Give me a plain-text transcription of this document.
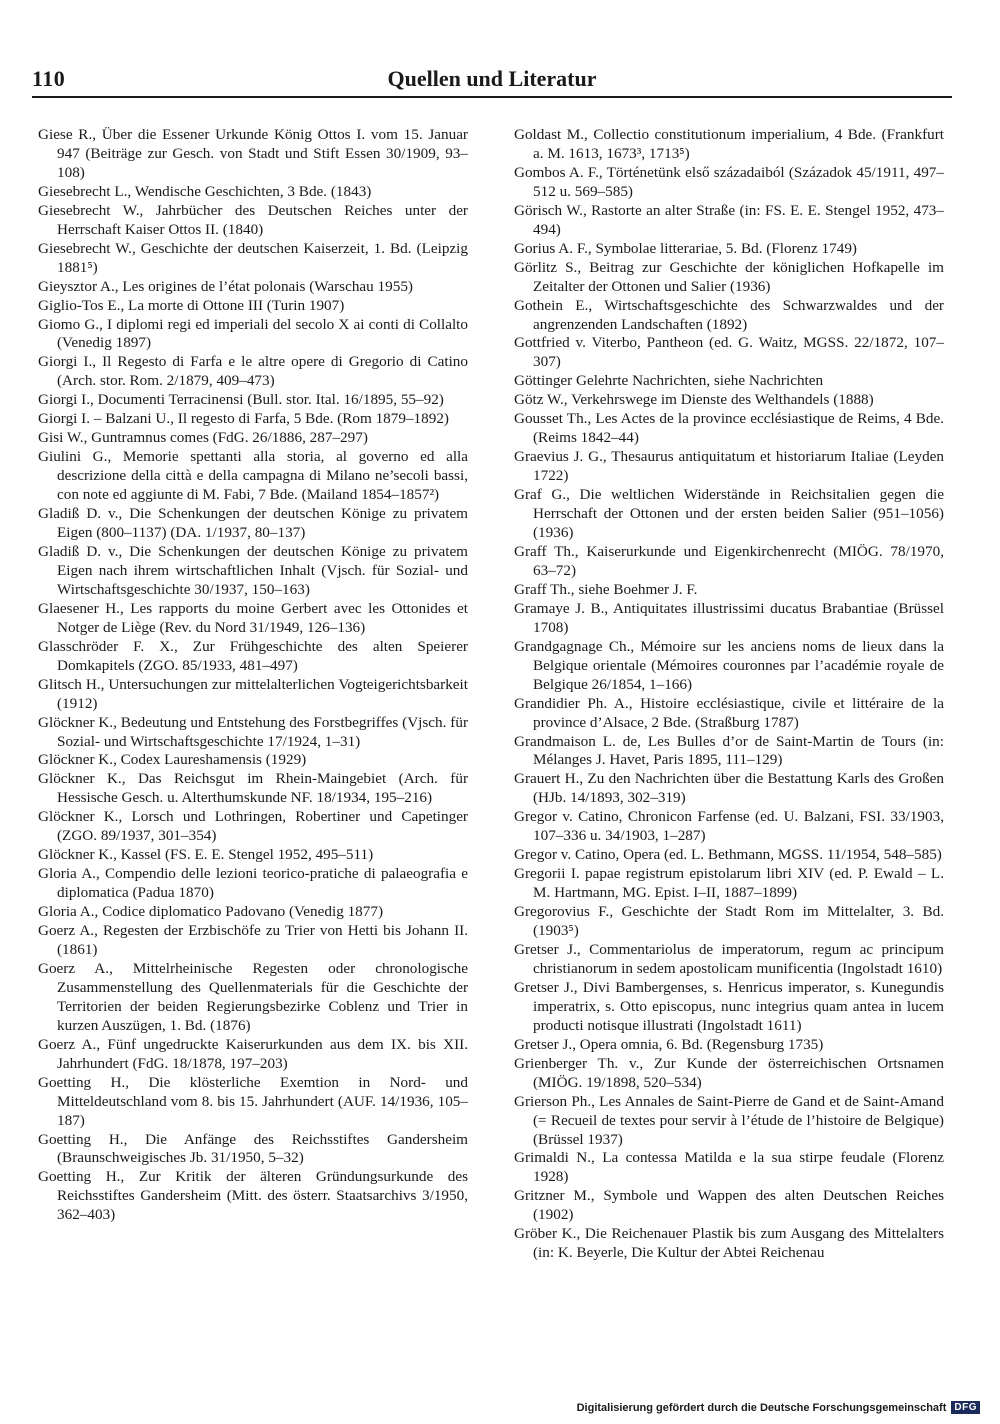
110	Quellen und Literatur

Giese R., Über die Essener Urkunde König Ottos I. vom 15. Januar 947 (Beiträge zur Gesch. von Stadt und Stift Essen 30/1909, 93–108)

Giesebrecht L., Wendische Geschichten, 3 Bde. (1843)

Giesebrecht W., Jahrbücher des Deutschen Reiches unter der Herrschaft Kaiser Ottos II. (1840)

Giesebrecht W., Geschichte der deutschen Kaiserzeit, 1. Bd. (Leipzig 1881⁵)

Gieysztor A., Les origines de l’état polonais (Warschau 1955)

Giglio-Tos E., La morte di Ottone III (Turin 1907)

Giomo G., I diplomi regi ed imperiali del secolo X ai conti di Collalto (Venedig 1897)

Giorgi I., Il Regesto di Farfa e le altre opere di Gregorio di Catino (Arch. stor. Rom. 2/1879, 409–473)

Giorgi I., Documenti Terracinensi (Bull. stor. Ital. 16/1895, 55–92)

Giorgi I. – Balzani U., Il regesto di Farfa, 5 Bde. (Rom 1879–1892)

Gisi W., Guntramnus comes (FdG. 26/1886, 287–297)

Giulini G., Memorie spettanti alla storia, al governo ed alla descrizione della città e della campagna di Milano ne’secoli bassi, con note ed aggiunte di M. Fabi, 7 Bde. (Mailand 1854–1857²)

Gladiß D. v., Die Schenkungen der deutschen Könige zu privatem Eigen (800–1137) (DA. 1/1937, 80–137)

Gladiß D. v., Die Schenkungen der deutschen Könige zu privatem Eigen nach ihrem wirtschaftlichen Inhalt (Vjsch. für Sozial- und Wirtschaftsgeschichte 30/1937, 150–163)

Glaesener H., Les rapports du moine Gerbert avec les Ottonides et Notger de Liège (Rev. du Nord 31/1949, 126–136)

Glasschröder F. X., Zur Frühgeschichte des alten Speierer Domkapitels (ZGO. 85/1933, 481–497)

Glitsch H., Untersuchungen zur mittelalterlichen Vogteigerichtsbarkeit (1912)

Glöckner K., Bedeutung und Entstehung des Forstbegriffes (Vjsch. für Sozial- und Wirtschaftsgeschichte 17/1924, 1–31)

Glöckner K., Codex Laureshamensis (1929)

Glöckner K., Das Reichsgut im Rhein-Maingebiet (Arch. für Hessische Gesch. u. Alterthumskunde NF. 18/1934, 195–216)

Glöckner K., Lorsch und Lothringen, Robertiner und Capetinger (ZGO. 89/1937, 301–354)

Glöckner K., Kassel (FS. E. E. Stengel 1952, 495–511)

Gloria A., Compendio delle lezioni teorico-pratiche di palaeografia e diplomatica (Padua 1870)

Gloria A., Codice diplomatico Padovano (Venedig 1877)

Goerz A., Regesten der Erzbischöfe zu Trier von Hetti bis Johann II. (1861)

Goerz A., Mittelrheinische Regesten oder chronologische Zusammenstellung des Quellenmaterials für die Geschichte der Territorien der beiden Regierungsbezirke Coblenz und Trier in kurzen Auszügen, 1. Bd. (1876)

Goerz A., Fünf ungedruckte Kaiserurkunden aus dem IX. bis XII. Jahrhundert (FdG. 18/1878, 197–203)

Goetting H., Die klösterliche Exemtion in Nord- und Mitteldeutschland vom 8. bis 15. Jahrhundert (AUF. 14/1936, 105–187)

Goetting H., Die Anfänge des Reichsstiftes Gandersheim (Braunschweigisches Jb. 31/1950, 5–32)

Goetting H., Zur Kritik der älteren Gründungsurkunde des Reichsstiftes Gandersheim (Mitt. des österr. Staatsarchivs 3/1950, 362–403)

Goldast M., Collectio constitutionum imperialium, 4 Bde. (Frankfurt a. M. 1613, 1673³, 1713⁵)

Gombos A. F., Történetünk első századaiból (Századok 45/1911, 497–512 u. 569–585)

Görisch W., Rastorte an alter Straße (in: FS. E. E. Stengel 1952, 473–494)

Gorius A. F., Symbolae litterariae, 5. Bd. (Florenz 1749)

Görlitz S., Beitrag zur Geschichte der königlichen Hofkapelle im Zeitalter der Ottonen und Salier (1936)

Gothein E., Wirtschaftsgeschichte des Schwarzwaldes und der angrenzenden Landschaften (1892)

Gottfried v. Viterbo, Pantheon (ed. G. Waitz, MGSS. 22/1872, 107–307)

Göttinger Gelehrte Nachrichten, siehe Nachrichten

Götz W., Verkehrswege im Dienste des Welthandels (1888)

Gousset Th., Les Actes de la province ecclésiastique de Reims, 4 Bde. (Reims 1842–44)

Graevius J. G., Thesaurus antiquitatum et historiarum Italiae (Leyden 1722)

Graf G., Die weltlichen Widerstände in Reichsitalien gegen die Herrschaft der Ottonen und der ersten beiden Salier (951–1056) (1936)

Graff Th., Kaiserurkunde und Eigenkirchenrecht (MIÖG. 78/1970, 63–72)

Graff Th., siehe Boehmer J. F.

Gramaye J. B., Antiquitates illustrissimi ducatus Brabantiae (Brüssel 1708)

Grandgagnage Ch., Mémoire sur les anciens noms de lieux dans la Belgique orientale (Mémoires couronnes par l’académie royale de Belgique 26/1854, 1–166)

Grandidier Ph. A., Histoire ecclésiastique, civile et littéraire de la province d’Alsace, 2 Bde. (Straßburg 1787)

Grandmaison L. de, Les Bulles d’or de Saint-Martin de Tours (in: Mélanges J. Havet, Paris 1895, 111–129)

Grauert H., Zu den Nachrichten über die Bestattung Karls des Großen (HJb. 14/1893, 302–319)

Gregor v. Catino, Chronicon Farfense (ed. U. Balzani, FSI. 33/1903, 107–336 u. 34/1903, 1–287)

Gregor v. Catino, Opera (ed. L. Bethmann, MGSS. 11/1954, 548–585)

Gregorii I. papae registrum epistolarum libri XIV (ed. P. Ewald – L. M. Hartmann, MG. Epist. I–II, 1887–1899)

Gregorovius F., Geschichte der Stadt Rom im Mittelalter, 3. Bd. (1903⁵)

Gretser J., Commentariolus de imperatorum, regum ac principum christianorum in sedem apostolicam munificentia (Ingolstadt 1610)

Gretser J., Divi Bambergenses, s. Henricus imperator, s. Kunegundis imperatrix, s. Otto episcopus, nunc integrius quam antea in lucem producti notisque illustrati (Ingolstadt 1611)

Gretser J., Opera omnia, 6. Bd. (Regensburg 1735)

Grienberger Th. v., Zur Kunde der österreichischen Ortsnamen (MIÖG. 19/1898, 520–534)

Grierson Ph., Les Annales de Saint-Pierre de Gand et de Saint-Amand (= Recueil de textes pour servir à l’étude de l’histoire de Belgique) (Brüssel 1937)

Grimaldi N., La contessa Matilda e la sua stirpe feudale (Florenz 1928)

Gritzner M., Symbole und Wappen des alten Deutschen Reiches (1902)

Gröber K., Die Reichenauer Plastik bis zum Ausgang des Mittelalters (in: K. Beyerle, Die Kultur der Abtei Reichenau

Digitalisierung gefördert durch die Deutsche Forschungsgemeinschaft DFG
